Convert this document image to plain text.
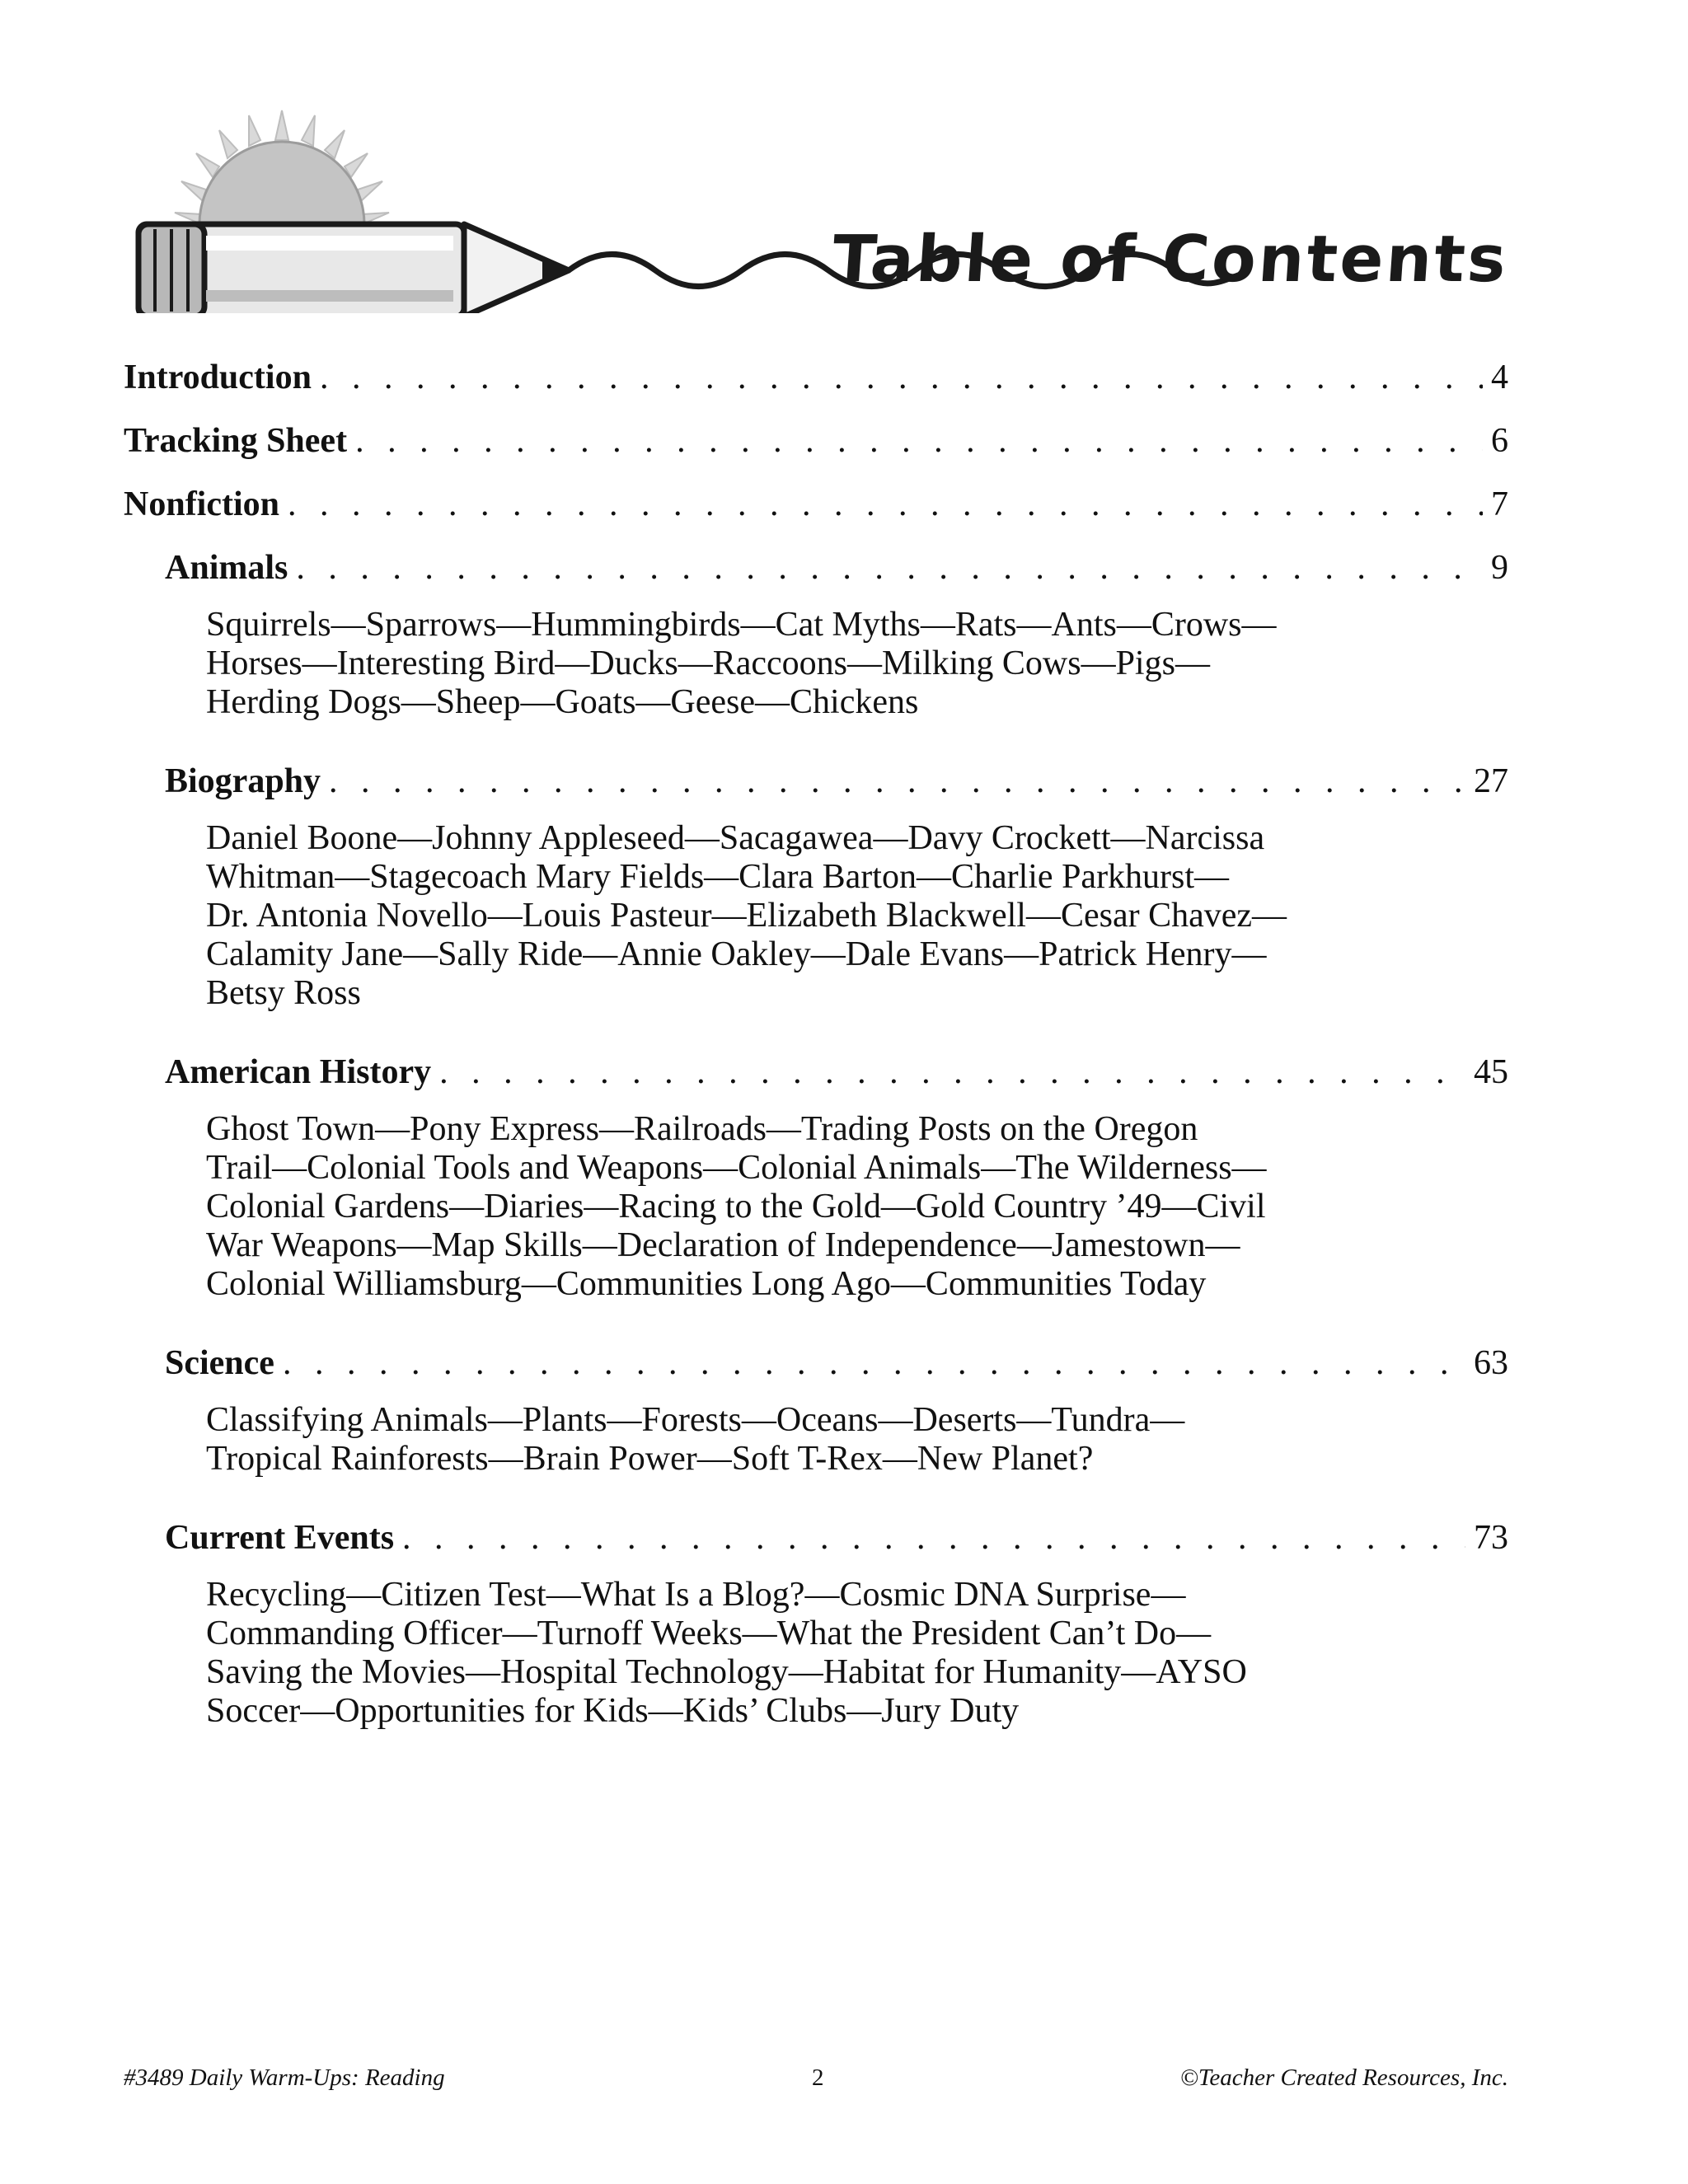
Table of Contents
Introduction . . .	4
Tracking Sheet . . .	6
Nonfiction . . .	7
Animals . . .	9
Squirrels—Sparrows—Hummingbirds—Cat Myths—Rats—Ants—Crows—
Horses—Interesting Bird—Ducks—Raccoons—Milking Cows—Pigs—
Herding Dogs—Sheep—Goats—Geese—Chickens
Biography . . .	27
Daniel Boone—Johnny Appleseed—Sacagawea—Davy Crockett—Narcissa
Whitman—Stagecoach Mary Fields—Clara Barton—Charlie Parkhurst—
Dr. Antonia Novello—Louis Pasteur—Elizabeth Blackwell—Cesar Chavez—
Calamity Jane—Sally Ride—Annie Oakley—Dale Evans—Patrick Henry—
Betsy Ross
American History . . .	45
Ghost Town—Pony Express—Railroads—Trading Posts on the Oregon
Trail—Colonial Tools and Weapons—Colonial Animals—The Wilderness—
Colonial Gardens—Diaries—Racing to the Gold—Gold Country ’49—Civil
War Weapons—Map Skills—Declaration of Independence—Jamestown—
Colonial Williamsburg—Communities Long Ago—Communities Today
Science . . .	63
Classifying Animals—Plants—Forests—Oceans—Deserts—Tundra—
Tropical Rainforests—Brain Power—Soft T-Rex—New Planet?
Current Events . . .	73
Recycling—Citizen Test—What Is a Blog?—Cosmic DNA Surprise—
Commanding Officer—Turnoff Weeks—What the President Can’t Do—
Saving the Movies—Hospital Technology—Habitat for Humanity—AYSO
Soccer—Opportunities for Kids—Kids’ Clubs—Jury Duty
#3489 Daily Warm-Ups: Reading	2	©Teacher Created Resources, Inc.
